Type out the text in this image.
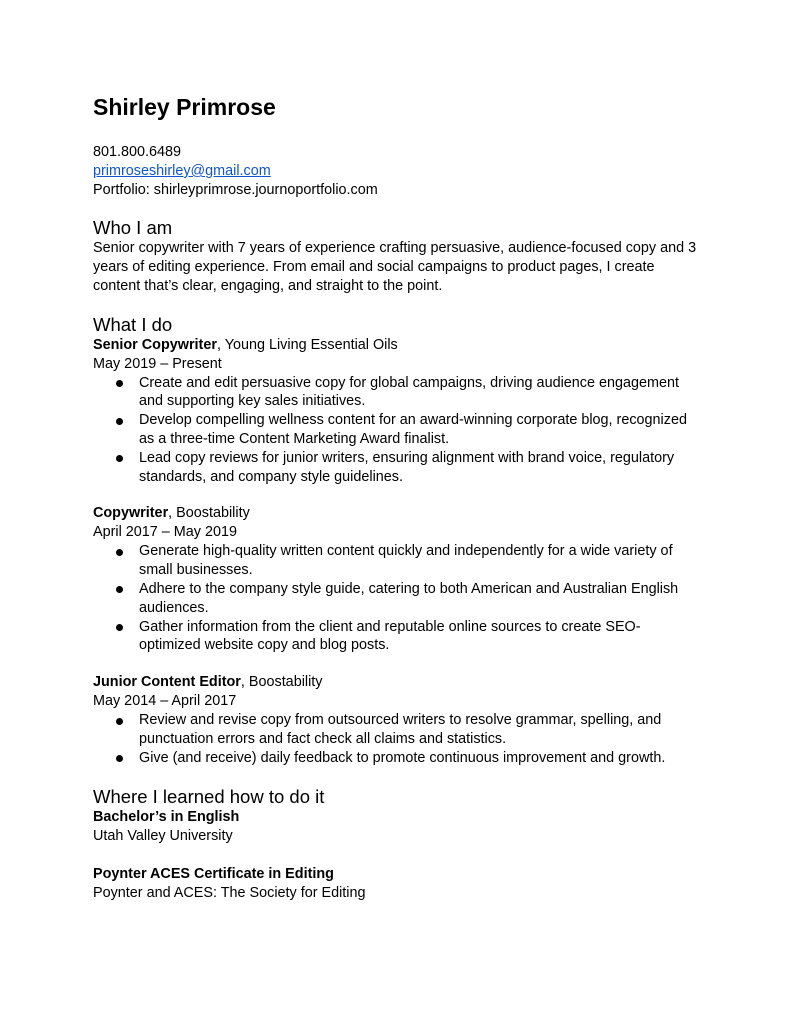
Shirley Primrose

801.800.6489

primroseshirley@gmail.com

Portfolio: shirleyprimrose.journoportfolio.com

Who I am

Senior copywriter with 7 years of experience crafting persuasive, audience-focused copy and 3 years of editing experience. From email and social campaigns to product pages, I create content that’s clear, engaging, and straight to the point.

What I do

Senior Copywriter, Young Living Essential Oils

May 2019 – Present

Create and edit persuasive copy for global campaigns, driving audience engagement and supporting key sales initiatives.
Develop compelling wellness content for an award-winning corporate blog, recognized as a three-time Content Marketing Award finalist.
Lead copy reviews for junior writers, ensuring alignment with brand voice, regulatory standards, and company style guidelines.

Copywriter, Boostability

April 2017 – May 2019

Generate high-quality written content quickly and independently for a wide variety of small businesses.
Adhere to the company style guide, catering to both American and Australian English audiences.
Gather information from the client and reputable online sources to create SEO-optimized website copy and blog posts.

Junior Content Editor, Boostability

May 2014 – April 2017

Review and revise copy from outsourced writers to resolve grammar, spelling, and punctuation errors and fact check all claims and statistics.
Give (and receive) daily feedback to promote continuous improvement and growth.
Where I learned how to do it

Bachelor’s in English

Utah Valley University

Poynter ACES Certificate in Editing

Poynter and ACES: The Society for Editing
